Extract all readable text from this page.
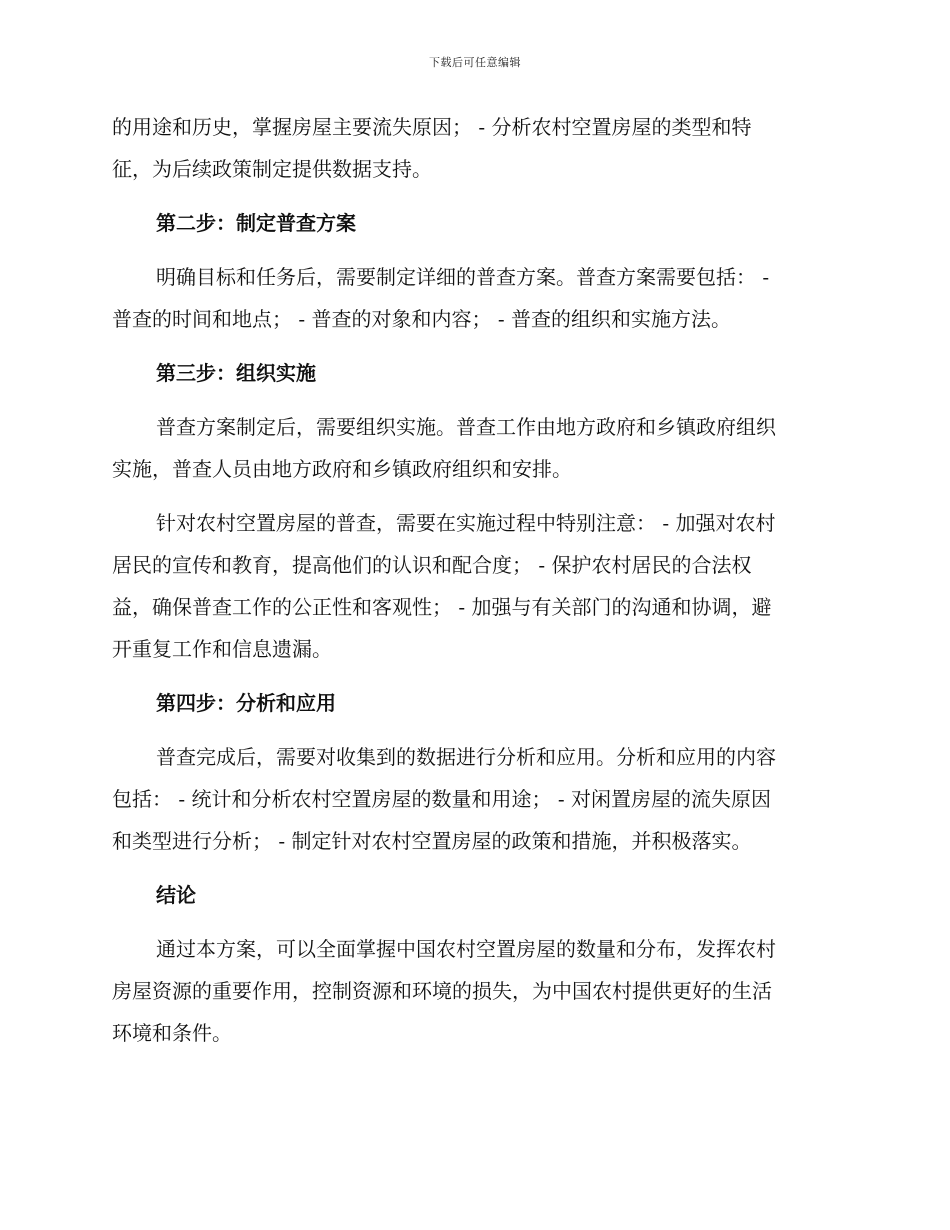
下载后可任意编辑

的用途和历史，掌握房屋主要流失原因； - 分析农村空置房屋的类型和特
征，为后续政策制定提供数据支持。

第二步：制定普查方案

明确目标和任务后，需要制定详细的普查方案。普查方案需要包括： -
普查的时间和地点； - 普查的对象和内容； - 普查的组织和实施方法。

第三步：组织实施

普查方案制定后，需要组织实施。普查工作由地方政府和乡镇政府组织
实施，普查人员由地方政府和乡镇政府组织和安排。

针对农村空置房屋的普查，需要在实施过程中特别注意： - 加强对农村
居民的宣传和教育，提高他们的认识和配合度； - 保护农村居民的合法权
益，确保普查工作的公正性和客观性； - 加强与有关部门的沟通和协调，避
开重复工作和信息遗漏。

第四步：分析和应用

普查完成后，需要对收集到的数据进行分析和应用。分析和应用的内容
包括： - 统计和分析农村空置房屋的数量和用途； - 对闲置房屋的流失原因
和类型进行分析； - 制定针对农村空置房屋的政策和措施，并积极落实。

结论

通过本方案，可以全面掌握中国农村空置房屋的数量和分布，发挥农村
房屋资源的重要作用，控制资源和环境的损失，为中国农村提供更好的生活
环境和条件。
